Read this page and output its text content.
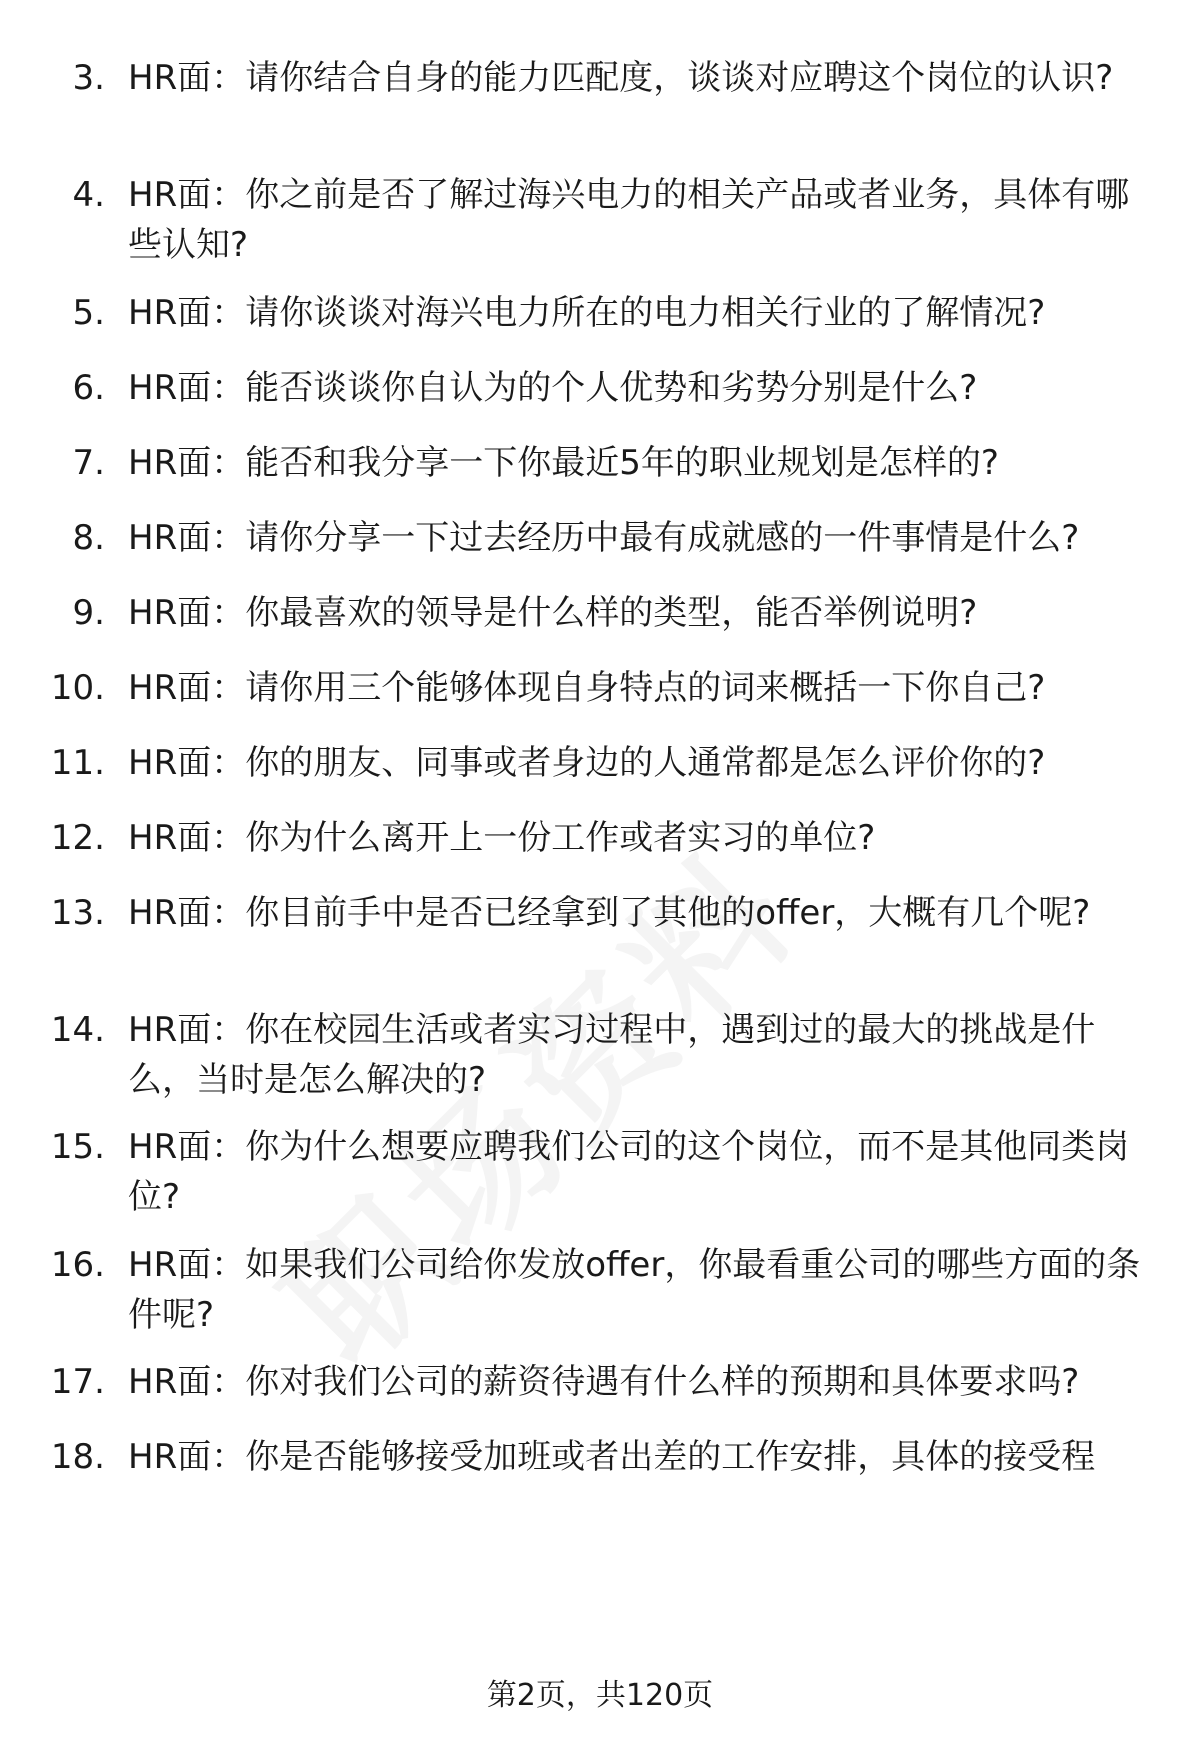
3. HR面：请你结合自身的能力匹配度，谈谈对应聘这个岗位的认识?

4. HR面：你之前是否了解过海兴电力的相关产品或者业务，具体有哪些认知?

5. HR面：请你谈谈对海兴电力所在的电力相关行业的了解情况?

6. HR面：能否谈谈你自认为的个人优势和劣势分别是什么?

7. HR面：能否和我分享一下你最近5年的职业规划是怎样的?

8. HR面：请你分享一下过去经历中最有成就感的一件事情是什么?

9. HR面：你最喜欢的领导是什么样的类型，能否举例说明?

10. HR面：请你用三个能够体现自身特点的词来概括一下你自己?

11. HR面：你的朋友、同事或者身边的人通常都是怎么评价你的?

12. HR面：你为什么离开上一份工作或者实习的单位?

13. HR面：你目前手中是否已经拿到了其他的offer，大概有几个呢?

14. HR面：你在校园生活或者实习过程中，遇到过的最大的挑战是什么，当时是怎么解决的?

15. HR面：你为什么想要应聘我们公司的这个岗位，而不是其他同类岗位?

16. HR面：如果我们公司给你发放offer，你最看重公司的哪些方面的条件呢?

17. HR面：你对我们公司的薪资待遇有什么样的预期和具体要求吗?

18. HR面：你是否能够接受加班或者出差的工作安排，具体的接受程

第2页，共120页
